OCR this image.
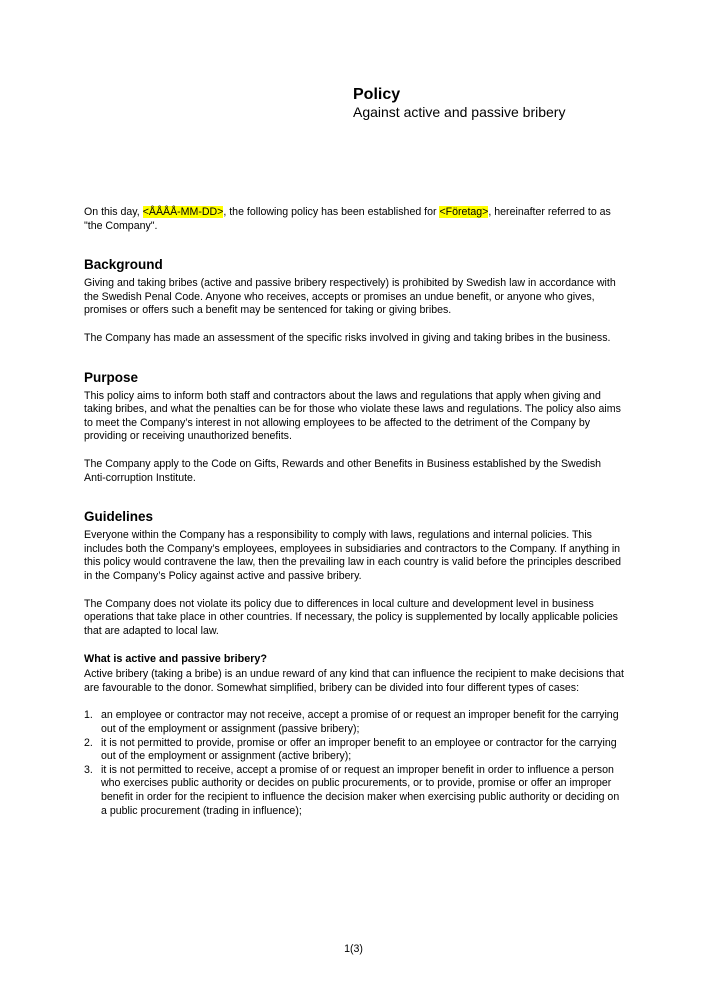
Policy
Against active and passive bribery

On this day, <ÅÅÅÅ-MM-DD>, the following policy has been established for <Företag>, hereinafter referred to as "the Company".

Background

Giving and taking bribes (active and passive bribery respectively) is prohibited by Swedish law in accordance with the Swedish Penal Code. Anyone who receives, accepts or promises an undue benefit, or anyone who gives, promises or offers such a benefit may be sentenced for taking or giving bribes.

The Company has made an assessment of the specific risks involved in giving and taking bribes in the business.

Purpose

This policy aims to inform both staff and contractors about the laws and regulations that apply when giving and taking bribes, and what the penalties can be for those who violate these laws and regulations. The policy also aims to meet the Company’s interest in not allowing employees to be affected to the detriment of the Company by providing or receiving unauthorized benefits.

The Company apply to the Code on Gifts, Rewards and other Benefits in Business established by the Swedish Anti-corruption Institute.

Guidelines

Everyone within the Company has a responsibility to comply with laws, regulations and internal policies. This includes both the Company’s employees, employees in subsidiaries and contractors to the Company. If anything in this policy would contravene the law, then the prevailing law in each country is valid before the principles described in the Company’s Policy against active and passive bribery.

The Company does not violate its policy due to differences in local culture and development level in business operations that take place in other countries. If necessary, the policy is supplemented by locally applicable policies that are adapted to local law.

What is active and passive bribery?

Active bribery (taking a bribe) is an undue reward of any kind that can influence the recipient to make decisions that are favourable to the donor. Somewhat simplified, bribery can be divided into four different types of cases:

1. an employee or contractor may not receive, accept a promise of or request an improper benefit for the carrying out of the employment or assignment (passive bribery);
2. it is not permitted to provide, promise or offer an improper benefit to an employee or contractor for the carrying out of the employment or assignment (active bribery);
3. it is not permitted to receive, accept a promise of or request an improper benefit in order to influence a person who exercises public authority or decides on public procurements, or to provide, promise or offer an improper benefit in order for the recipient to influence the decision maker when exercising public authority or deciding on a public procurement (trading in influence);
1(3)
